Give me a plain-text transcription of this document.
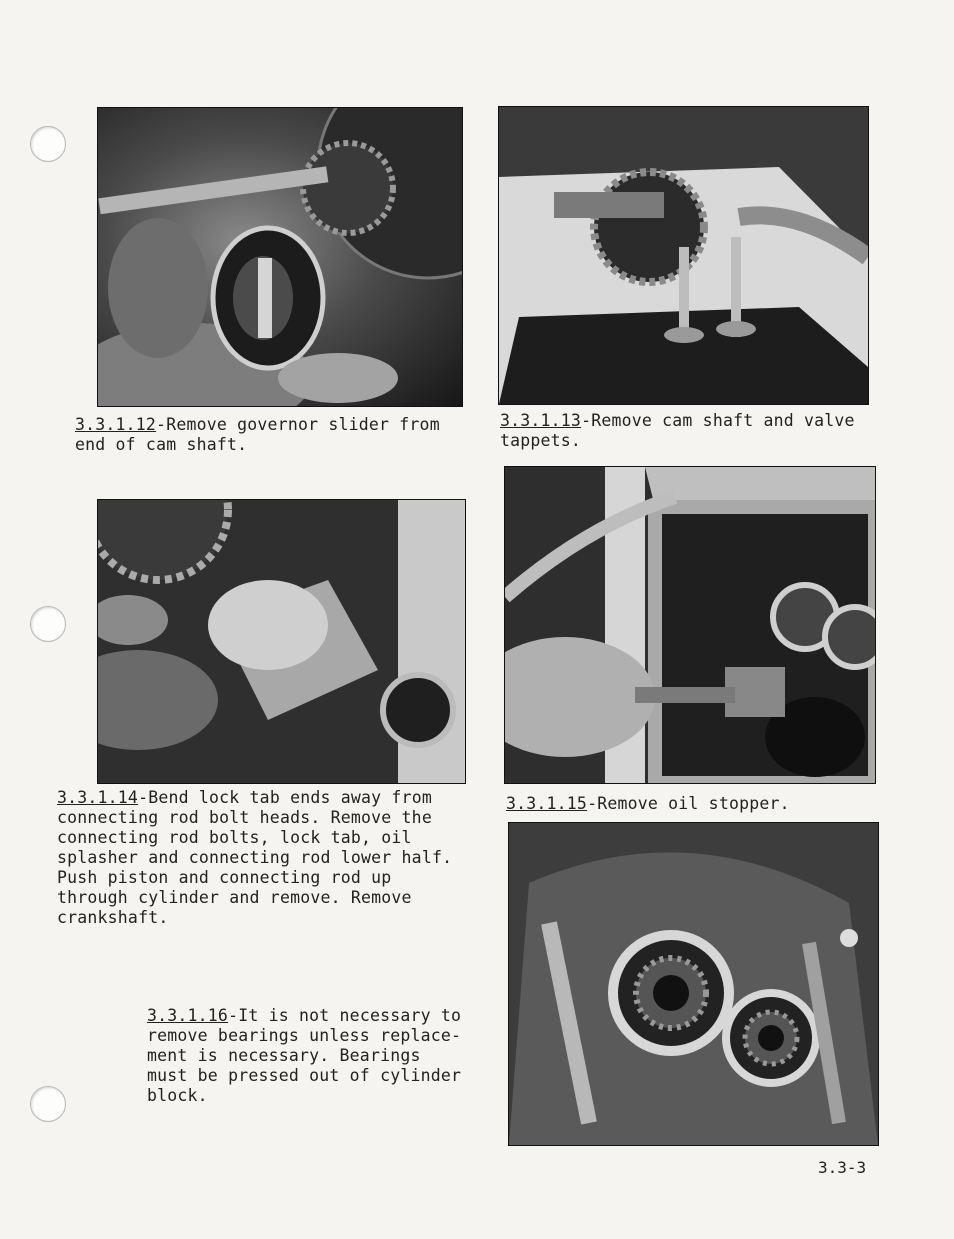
3.3.1.12-Remove governor slider from
end of cam shaft.
3.3.1.13-Remove cam shaft and valve
tappets.
3.3.1.14-Bend lock tab ends away from
connecting rod bolt heads. Remove the
connecting rod bolts, lock tab, oil
splasher and connecting rod lower half.
Push piston and connecting rod up
through cylinder and remove. Remove
crankshaft.
3.3.1.15-Remove oil stopper.
3.3.1.16-It is not necessary to
remove bearings unless replace-
ment is necessary. Bearings
must be pressed out of cylinder
block.
3.3-3
